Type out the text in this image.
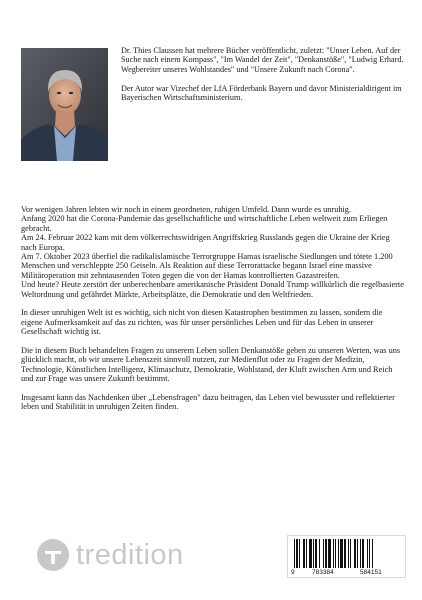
Dr. Thies Claussen hat mehrere Bücher veröffentlicht, zuletzt: "Unser Leben. Auf der Suche nach einem Kompass", "Im Wandel der Zeit", "Denkanstöße", "Ludwig Erhard. Wegbereiter unseres Wohlstandes" und "Unsere Zukunft nach Corona".

Der Autor war Vizechef der LfA Förderbank Bayern und davor Ministerialdirigent im Bayerischen Wirtschaftsministerium.

Vor wenigen Jahren lebten wir noch in einem geordneten, ruhigen Umfeld. Dann wurde es unruhig.
Anfang 2020 hat die Corona-Pandemie das gesellschaftliche und wirtschaftliche Leben weltweit zum Erliegen gebracht.
Am 24. Februar 2022 kam mit dem völkerrechtswidrigen Angriffskrieg Russlands gegen die Ukraine der Krieg nach Europa.
Am 7. Oktober 2023 überfiel die radikalislamische Terrorgruppe Hamas israelische Siedlungen und tötete 1.200 Menschen und verschleppte 250 Geiseln. Als Reaktion auf diese Terrorattacke begann Israel eine massive Militäroperation mit zehntausenden Toten gegen die von der Hamas kontrollierten Gazastreifen.
Und heute? Heute zerstört der unberechenbare amerikanische Präsident Donald Trump willkürlich die regelbasierte Weltordnung und gefährdet Märkte, Arbeitsplätze, die Demokratie und den Weltfrieden.

In dieser unruhigen Welt ist es wichtig, sich nicht von diesen Katastrophen bestimmen zu lassen, sondern die eigene Aufmerksamkeit auf das zu richten, was für unser persönliches Leben und für das Leben in unserer Gesellschaft wichtig ist.

Die in diesem Buch behandelten Fragen zu unserem Leben sollen Denkanstöße geben zu unseren Werten, was uns glücklich macht, ob wir unsere Lebenszeit sinnvoll nutzen, zur Medienflut oder zu Fragen der Medizin, Technologie, Künstlichen Intelligenz, Klimaschutz, Demokratie, Wohlstand, der Kluft zwischen Arm und Reich und zur Frage was unsere Zukunft bestimmt.

Insgesamt kann das Nachdenken über „Lebensfragen" dazu beitragen, das Leben viel bewusster und reflektierter leben und Stabilität in unruhigen Zeiten finden.

tredition
9	783384	584151
